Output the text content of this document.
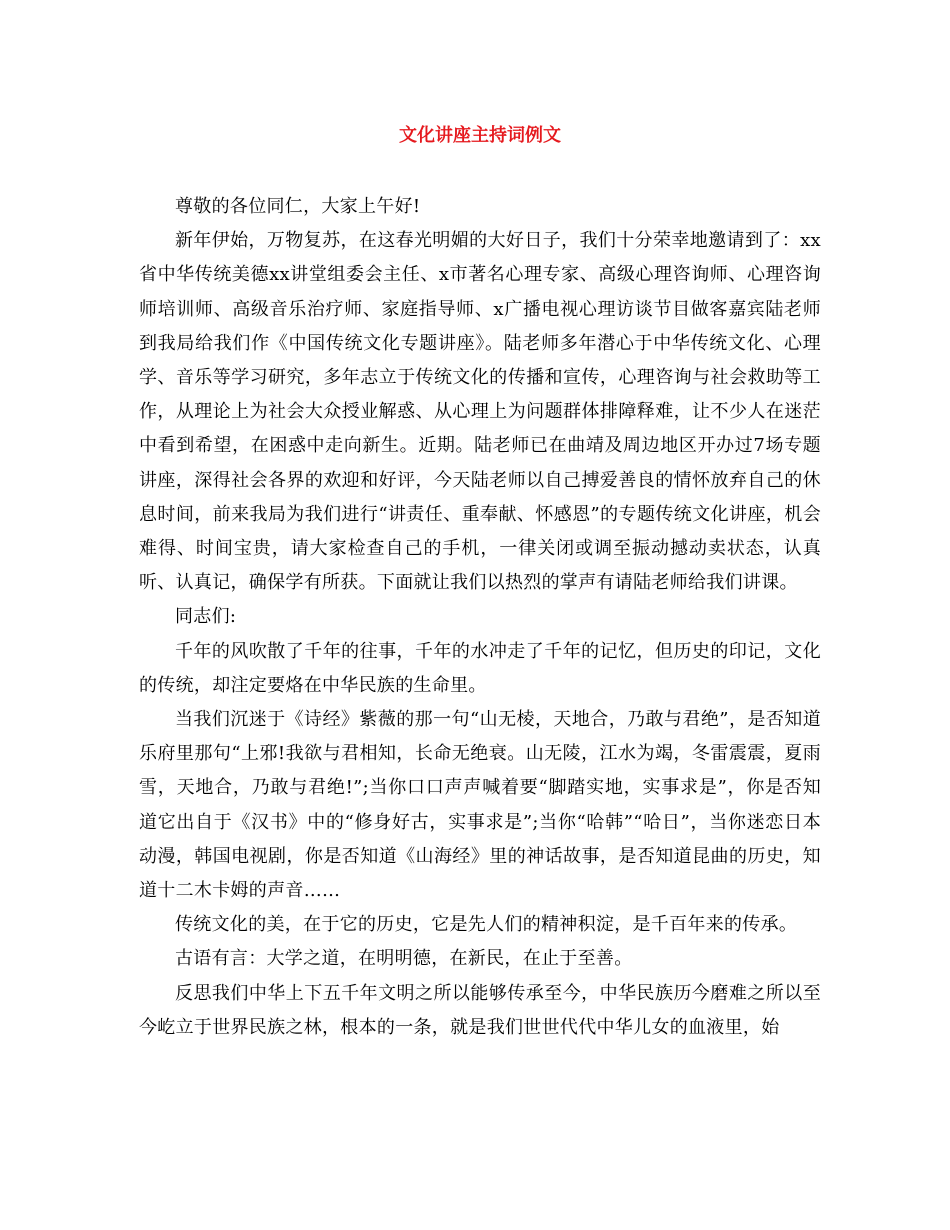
文化讲座主持词例文

尊敬的各位同仁，大家上午好!

新年伊始，万物复苏，在这春光明媚的大好日子，我们十分荣幸地邀请到了：xx省中华传统美德xx讲堂组委会主任、x市著名心理专家、高级心理咨询师、心理咨询师培训师、高级音乐治疗师、家庭指导师、x广播电视心理访谈节目做客嘉宾陆老师到我局给我们作《中国传统文化专题讲座》。陆老师多年潜心于中华传统文化、心理学、音乐等学习研究，多年志立于传统文化的传播和宣传，心理咨询与社会救助等工作，从理论上为社会大众授业解惑、从心理上为问题群体排障释难，让不少人在迷茫中看到希望，在困惑中走向新生。近期。陆老师已在曲靖及周边地区开办过7场专题讲座，深得社会各界的欢迎和好评，今天陆老师以自己搏爱善良的情怀放弃自己的休息时间，前来我局为我们进行“讲责任、重奉献、怀感恩”的专题传统文化讲座，机会难得、时间宝贵，请大家检查自己的手机，一律关闭或调至振动撼动卖状态，认真听、认真记，确保学有所获。下面就让我们以热烈的掌声有请陆老师给我们讲课。

同志们:

千年的风吹散了千年的往事，千年的水冲走了千年的记忆，但历史的印记，文化的传统，却注定要烙在中华民族的生命里。

当我们沉迷于《诗经》紫薇的那一句“山无棱，天地合，乃敢与君绝”，是否知道乐府里那句“上邪!我欲与君相知，长命无绝衰。山无陵，江水为竭，冬雷震震，夏雨雪，天地合，乃敢与君绝!”;当你口口声声喊着要“脚踏实地，实事求是”，你是否知道它出自于《汉书》中的“修身好古，实事求是”;当你“哈韩”“哈日”，当你迷恋日本动漫，韩国电视剧，你是否知道《山海经》里的神话故事，是否知道昆曲的历史，知道十二木卡姆的声音……

传统文化的美，在于它的历史，它是先人们的精神积淀，是千百年来的传承。

古语有言：大学之道，在明明德，在新民，在止于至善。

反思我们中华上下五千年文明之所以能够传承至今，中华民族历今磨难之所以至今屹立于世界民族之林，根本的一条，就是我们世世代代中华儿女的血液里，始
